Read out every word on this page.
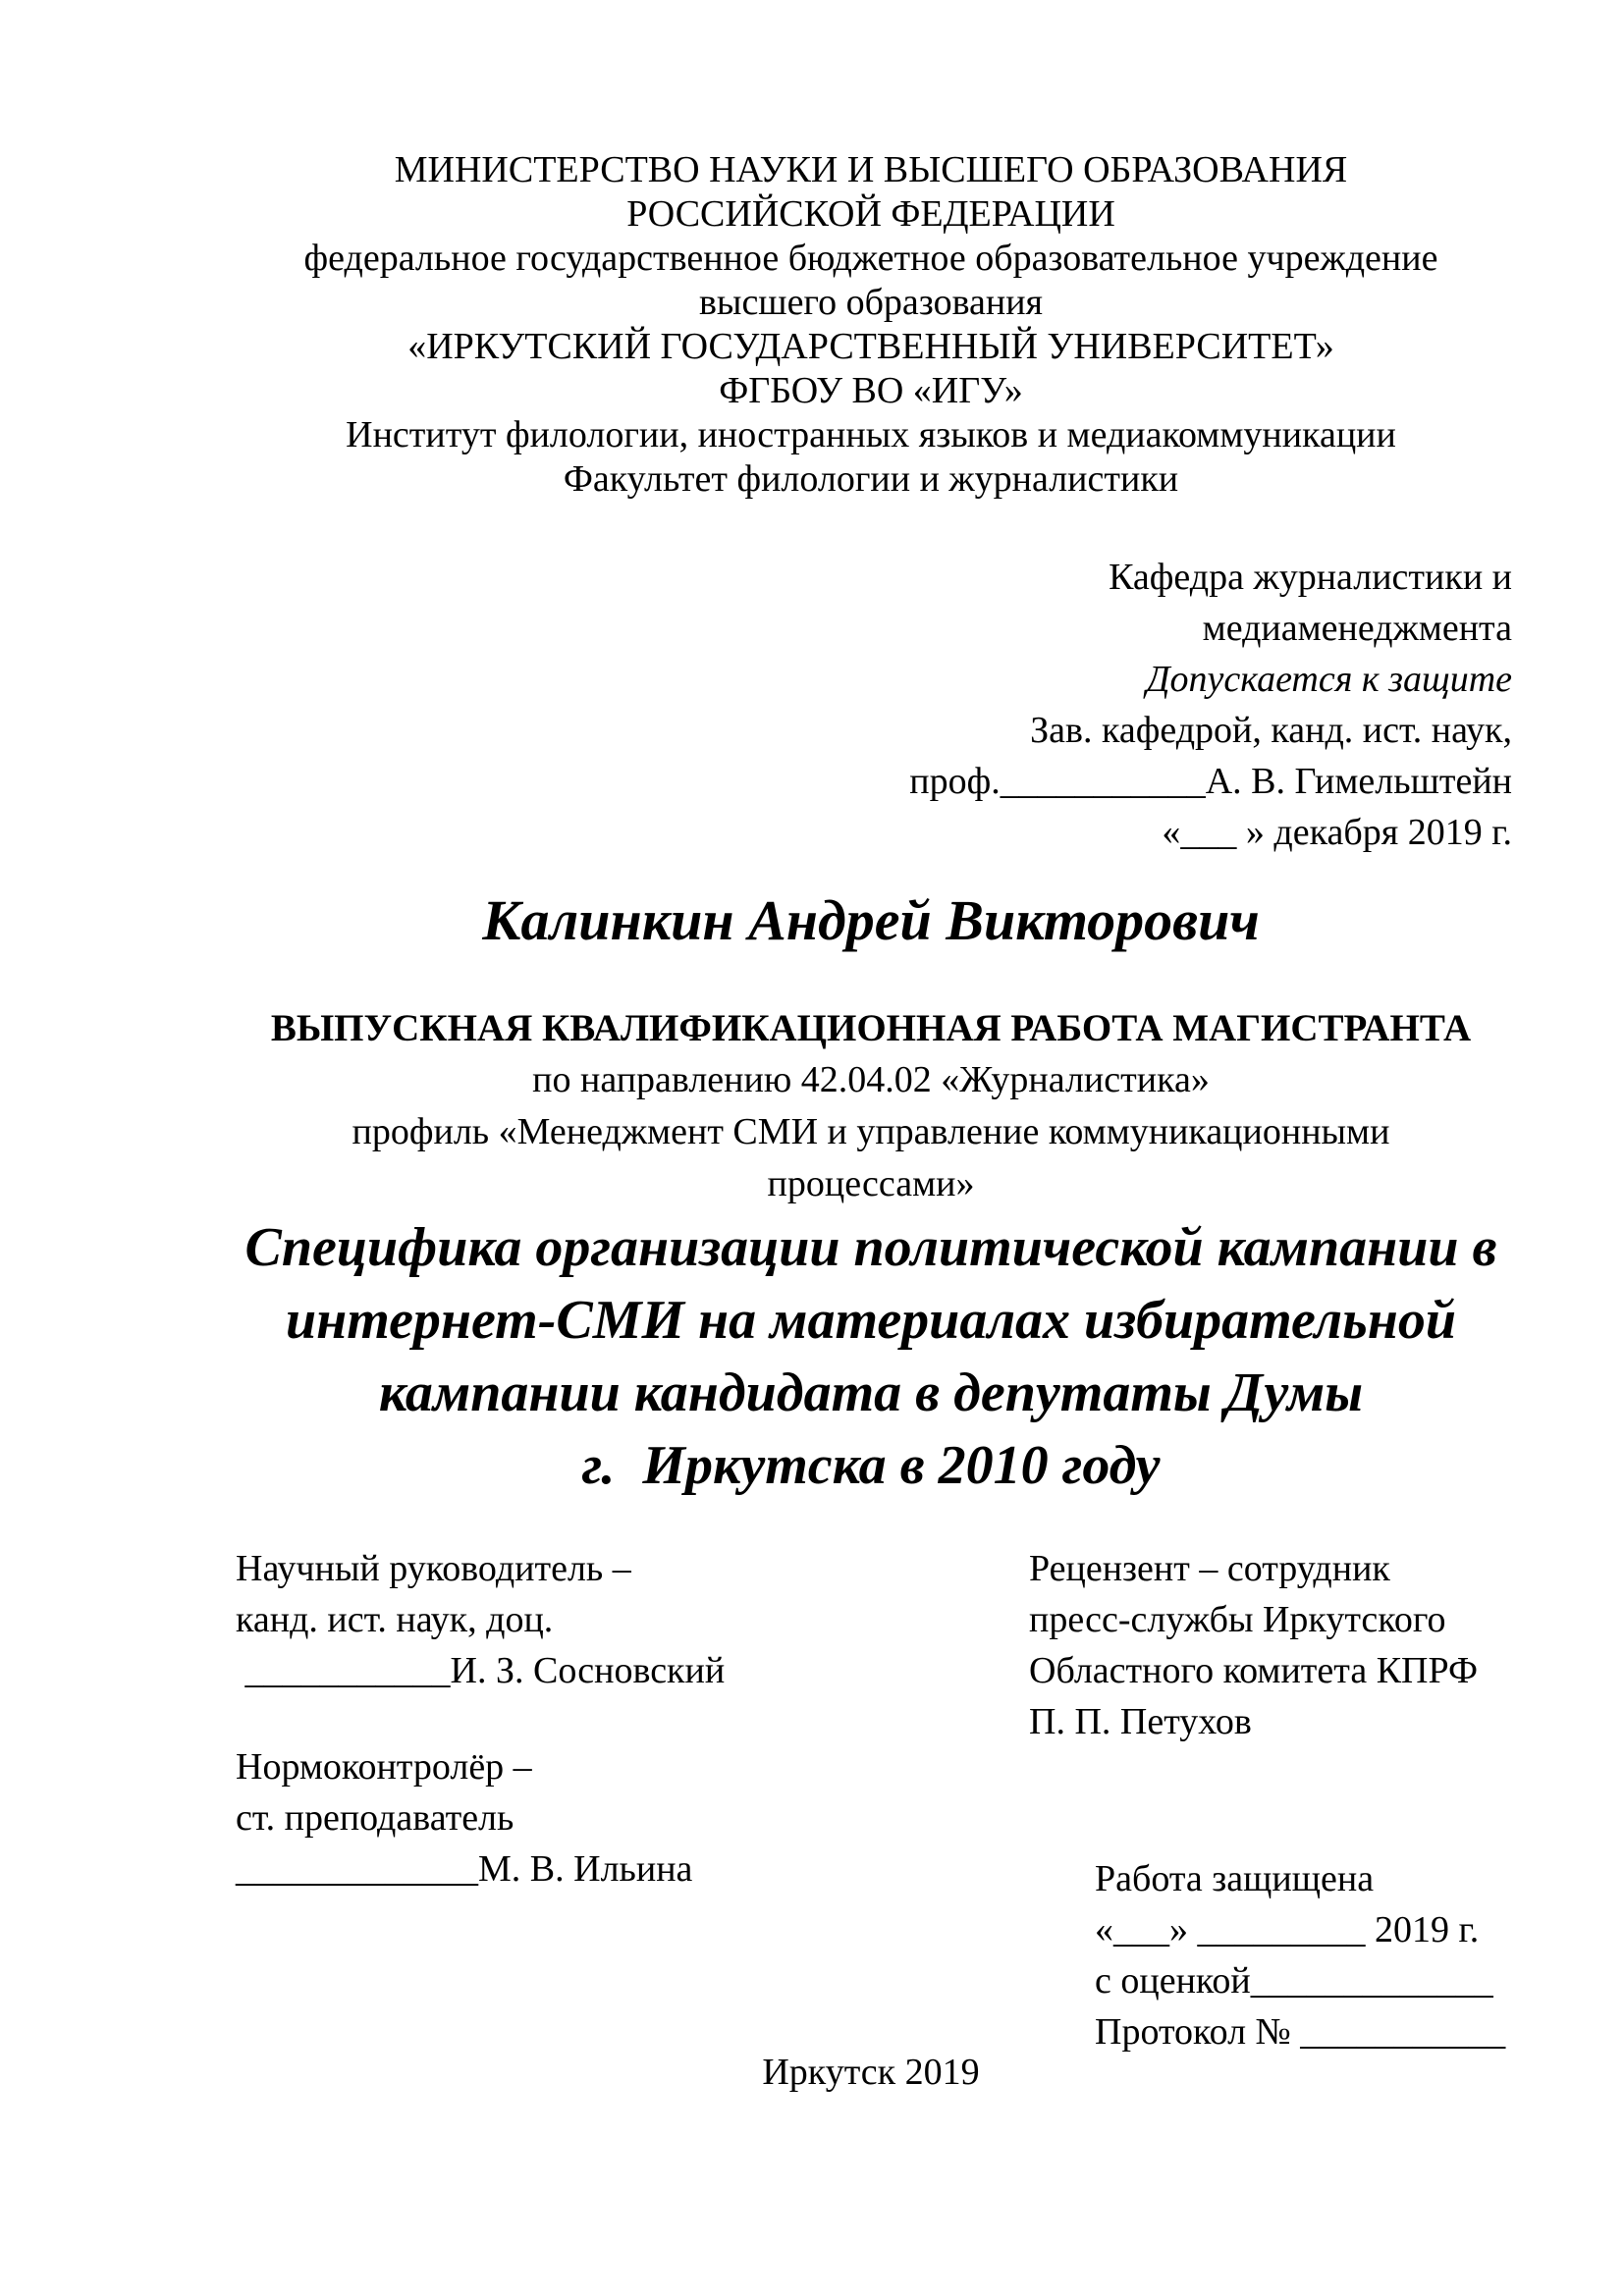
МИНИСТЕРСТВО НАУКИ И ВЫСШЕГО ОБРАЗОВАНИЯ
РОССИЙСКОЙ ФЕДЕРАЦИИ
федеральное государственное бюджетное образовательное учреждение
высшего образования
«ИРКУТСКИЙ ГОСУДАРСТВЕННЫЙ УНИВЕРСИТЕТ»
ФГБОУ ВО «ИГУ»
Институт филологии, иностранных языков и медиакоммуникации
Факультет филологии и журналистики
Кафедра журналистики и
медиаменеджмента
Допускается к защите
Зав. кафедрой, канд. ист. наук,
проф.___________А. В. Гимельштейн
«___ » декабря 2019 г.
Калинкин Андрей Викторович
ВЫПУСКНАЯ КВАЛИФИКАЦИОННАЯ РАБОТА МАГИСТРАНТА
по направлению 42.04.02 «Журналистика»
профиль «Менеджмент СМИ и управление коммуникационными
процессами»
Специфика организации политической кампании в
интернет-СМИ на материалах избирательной
кампании кандидата в депутаты Думы
г.  Иркутска в 2010 году
Научный руководитель –
канд. ист. наук, доц.
___________И. З. Сосновский
Нормоконтролёр –
ст. преподаватель
_____________М. В. Ильина
Рецензент – сотрудник
пресс-службы Иркутского
Областного комитета КПРФ
П. П. Петухов
Работа защищена
«___» _________ 2019 г.
с оценкой_____________
Протокол № ___________
Иркутск 2019
